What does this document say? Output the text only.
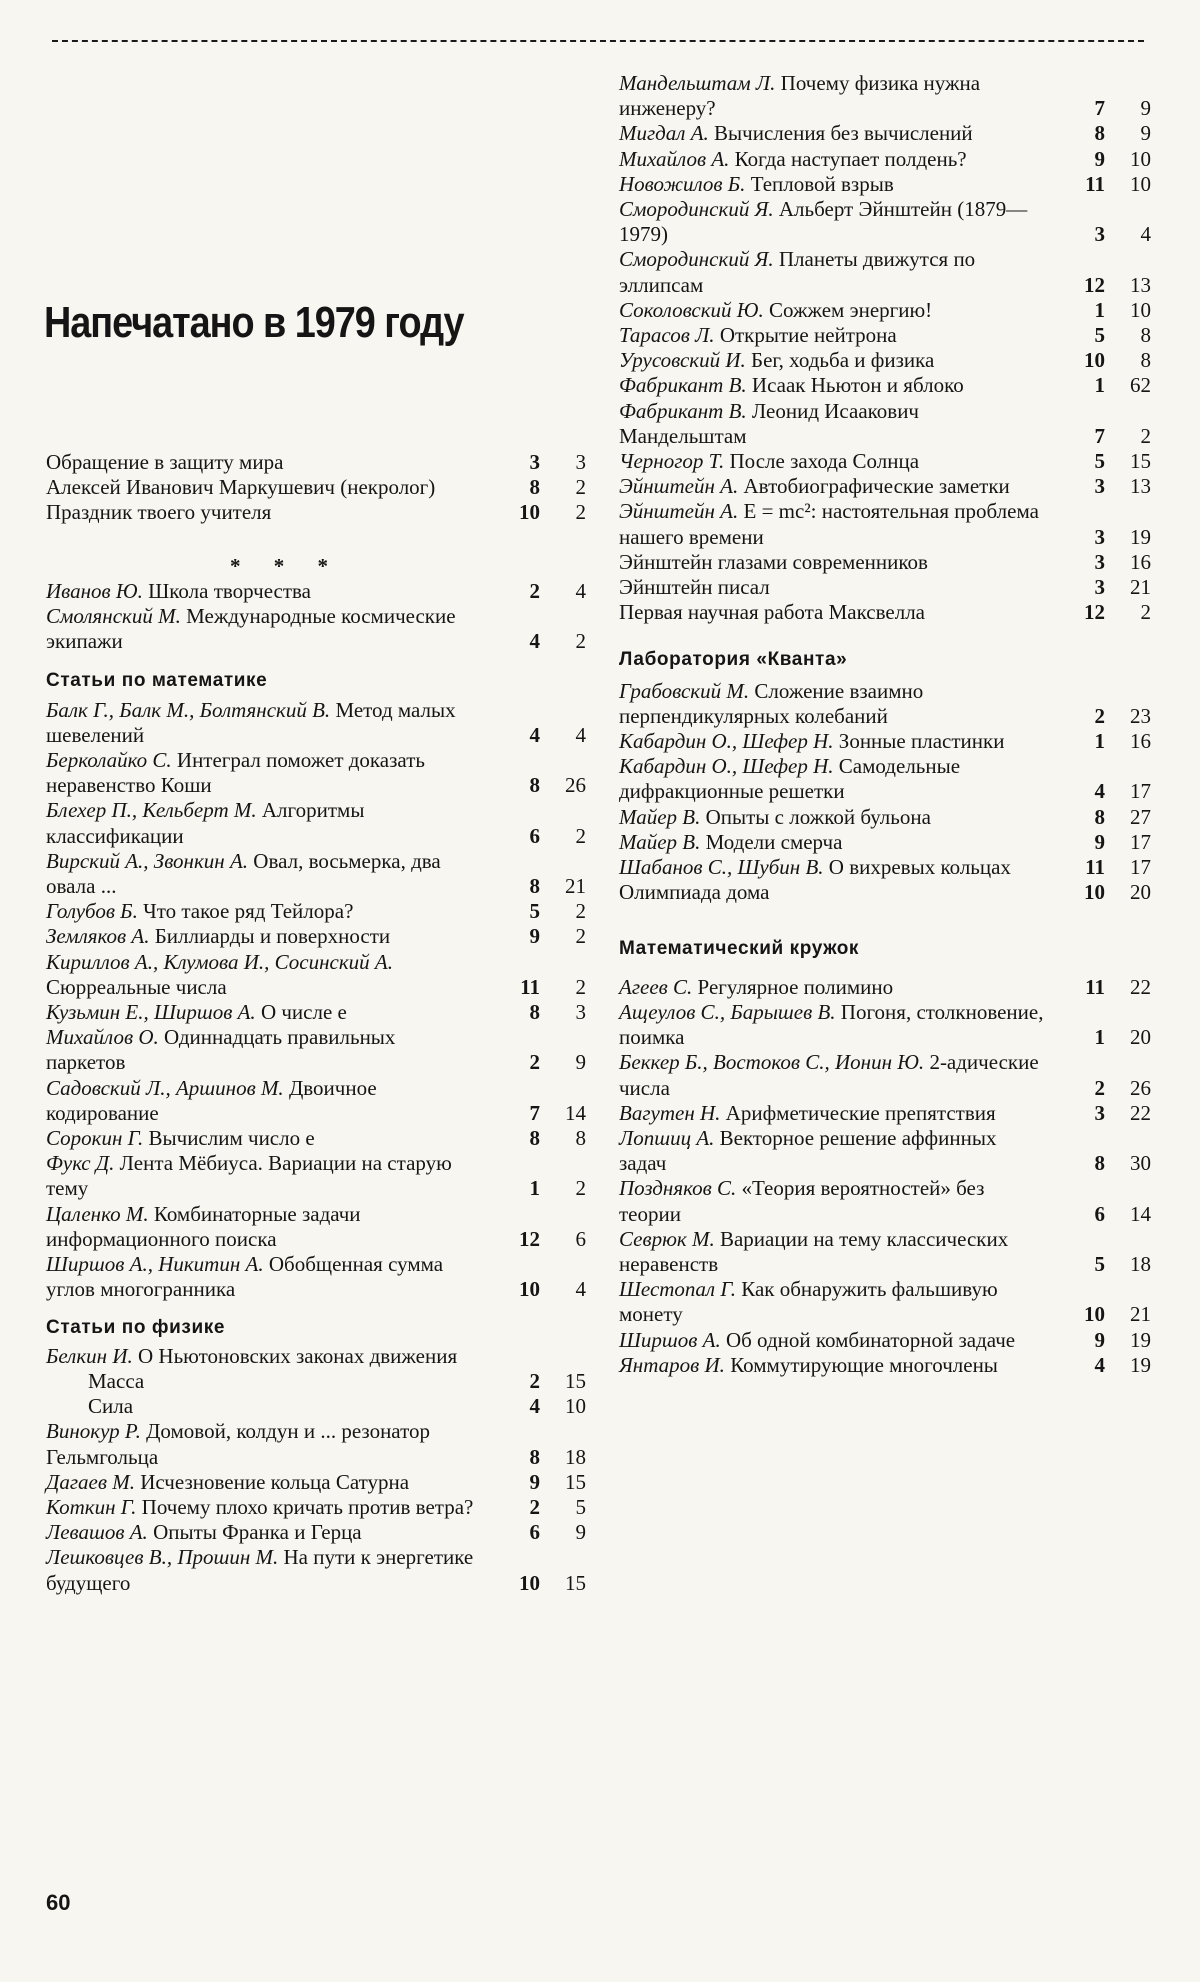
Напечатано в 1979 году
Обращение в защиту мира	3	3
Алексей Иванович Маркушевич (некролог)	8	2
Праздник твоего учителя	10	2
* * *
Иванов Ю. Школа творчества	2	4
Смолянский М. Международные космические экипажи	4	2
Статьи по математике
Балк Г., Балк М., Болтянский В. Метод малых шевелений	4	4
Берколайко С. Интеграл поможет доказать неравенство Коши	8	26
Блехер П., Кельберт М. Алгоритмы классификации	6	2
Вирский А., Звонкин А. Овал, восьмерка, два овала ...	8	21
Голубов Б. Что такое ряд Тейлора?	5	2
Земляков А. Биллиарды и поверхности	9	2
Кириллов А., Клумова И., Сосинский А. Сюрреальные числа	11	2
Кузьмин Е., Ширшов А. О числе е	8	3
Михайлов О. Одиннадцать правильных паркетов	2	9
Садовский Л., Аршинов М. Двоичное кодирование	7	14
Сорокин Г. Вычислим число е	8	8
Фукс Д. Лента Мёбиуса. Вариации на старую тему	1	2
Цаленко М. Комбинаторные задачи информационного поиска	12	6
Ширшов А., Никитин А. Обобщенная сумма углов многогранника	10	4
Статьи по физике
Белкин И. О Ньютоновских законах движения
Масса	2	15
Сила	4	10
Винокур Р. Домовой, колдун и ... резонатор Гельмгольца	8	18
Дагаев М. Исчезновение кольца Сатурна	9	15
Коткин Г. Почему плохо кричать против ветра?	2	5
Левашов А. Опыты Франка и Герца	6	9
Лешковцев В., Прошин М. На пути к энергетике будущего	10	15
Мандельштам Л. Почему физика нужна инженеру?	7	9
Мигдал А. Вычисления без вычислений	8	9
Михайлов А. Когда наступает полдень?	9	10
Новожилов Б. Тепловой взрыв	11	10
Смородинский Я. Альберт Эйнштейн (1879—1979)	3	4
Смородинский Я. Планеты движутся по эллипсам	12	13
Соколовский Ю. Сожжем энергию!	1	10
Тарасов Л. Открытие нейтрона	5	8
Урусовский И. Бег, ходьба и физика	10	8
Фабрикант В. Исаак Ньютон и яблоко	1	62
Фабрикант В. Леонид Исаакович Мандельштам	7	2
Черногор Т. После захода Солнца	5	15
Эйнштейн А. Автобиографические заметки	3	13
Эйнштейн А. E = mc²: настоятельная проблема нашего времени	3	19
Эйнштейн глазами современников	3	16
Эйнштейн писал	3	21
Первая научная работа Максвелла	12	2
Лаборатория «Кванта»
Грабовский М. Сложение взаимно перпендикулярных колебаний	2	23
Кабардин О., Шефер Н. Зонные пластинки	1	16
Кабардин О., Шефер Н. Самодельные дифракционные решетки	4	17
Майер В. Опыты с ложкой бульона	8	27
Майер В. Модели смерча	9	17
Шабанов С., Шубин В. О вихревых кольцах	11	17
Олимпиада дома	10	20
Математический кружок
Агеев С. Регулярное полимино	11	22
Ащеулов С., Барышев В. Погоня, столкновение, поимка	1	20
Беккер Б., Востоков С., Ионин Ю. 2-адические числа	2	26
Вагутен Н. Арифметические препятствия	3	22
Лопшиц А. Векторное решение аффинных задач	8	30
Поздняков С. «Теория вероятностей» без теории	6	14
Севрюк М. Вариации на тему классических неравенств	5	18
Шестопал Г. Как обнаружить фальшивую монету	10	21
Ширшов А. Об одной комбинаторной задаче	9	19
Янтаров И. Коммутирующие многочлены	4	19
60
